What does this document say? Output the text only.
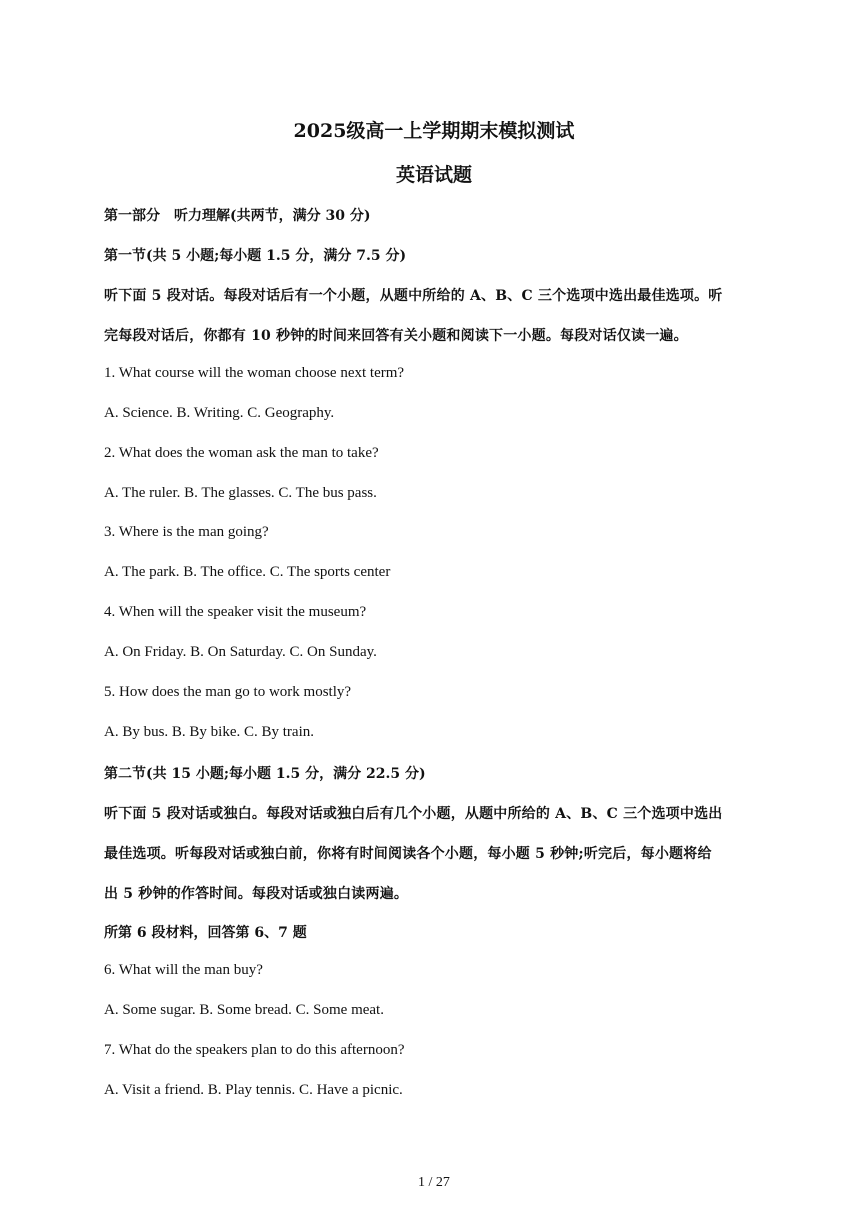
2025级高一上学期期末模拟测试
英语试题
第一部分　听力理解(共两节，满分 30 分)
第一节(共 5 小题;每小题 1.5 分，满分 7.5 分)
听下面 5 段对话。每段对话后有一个小题，从题中所给的 A、B、C 三个选项中选出最佳选项。听
完每段对话后，你都有 10 秒钟的时间来回答有关小题和阅读下一小题。每段对话仅读一遍。
1. What course will the woman choose next term?
A. Science. B. Writing. C. Geography.
2. What does the woman ask the man to take?
A. The ruler. B. The glasses. C. The bus pass.
3. Where is the man going?
A. The park. B. The office. C. The sports center
4. When will the speaker visit the museum?
A. On Friday. B. On Saturday. C. On Sunday.
5. How does the man go to work mostly?
A. By bus. B. By bike. C. By train.
第二节(共 15 小题;每小题 1.5 分，满分 22.5 分)
听下面 5 段对话或独白。每段对话或独白后有几个小题，从题中所给的 A、B、C 三个选项中选出
最佳选项。听每段对话或独白前，你将有时间阅读各个小题，每小题 5 秒钟;听完后，每小题将给
出 5 秒钟的作答时间。每段对话或独白读两遍。
所第 6 段材料，回答第 6、7 题
6. What will the man buy?
A. Some sugar. B. Some bread. C. Some meat.
7. What do the speakers plan to do this afternoon?
A. Visit a friend. B. Play tennis. C. Have a picnic.
1 / 27
